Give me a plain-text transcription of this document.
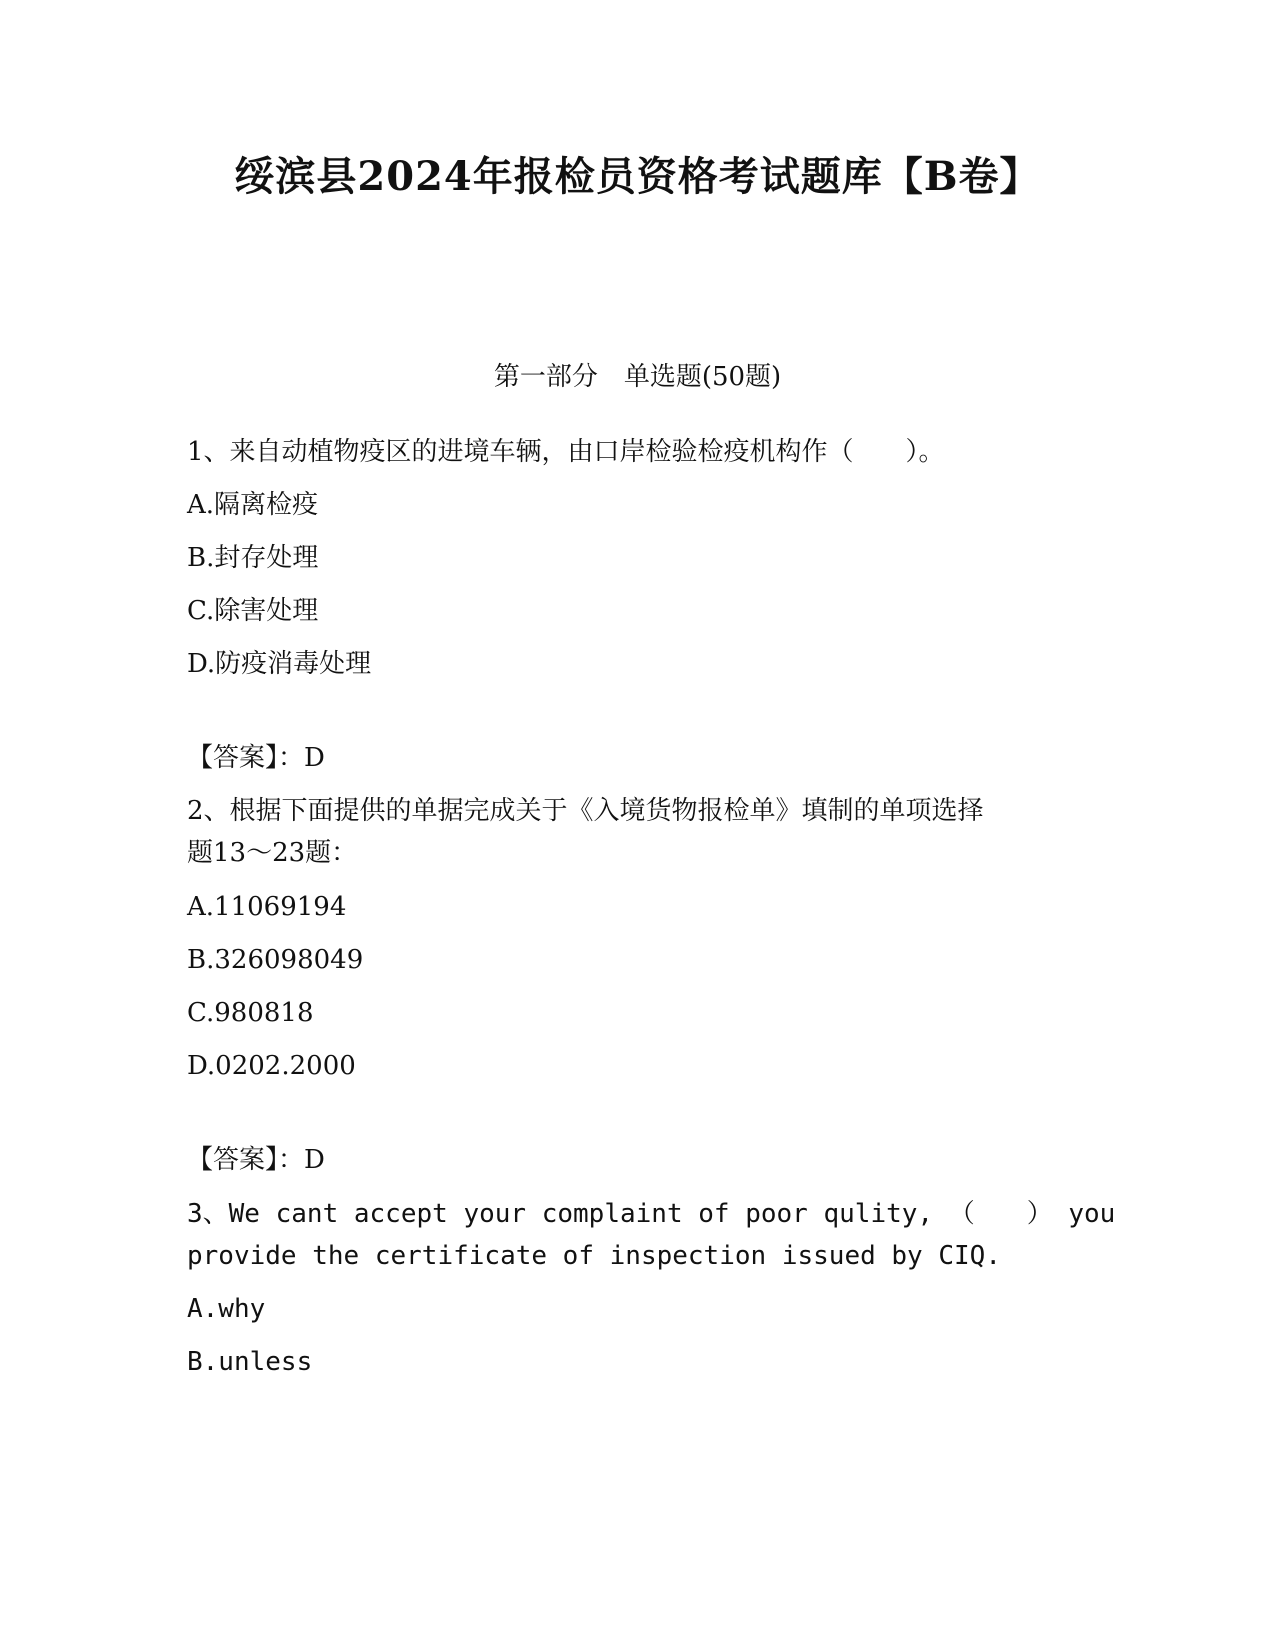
绥滨县2024年报检员资格考试题库【B卷】
第一部分　单选题(50题)
1、来自动植物疫区的进境车辆，由口岸检验检疫机构作（　　）。
A.隔离检疫
B.封存处理
C.除害处理
D.防疫消毒处理
【答案】：D
2、根据下面提供的单据完成关于《入境货物报检单》填制的单项选择
题13～23题：
A.11069194
B.326098049
C.980818
D.0202.2000
【答案】：D
3、We cant accept your complaint of poor qulity, （　　） you
provide the certificate of inspection issued by CIQ.
A.why
B.unless
